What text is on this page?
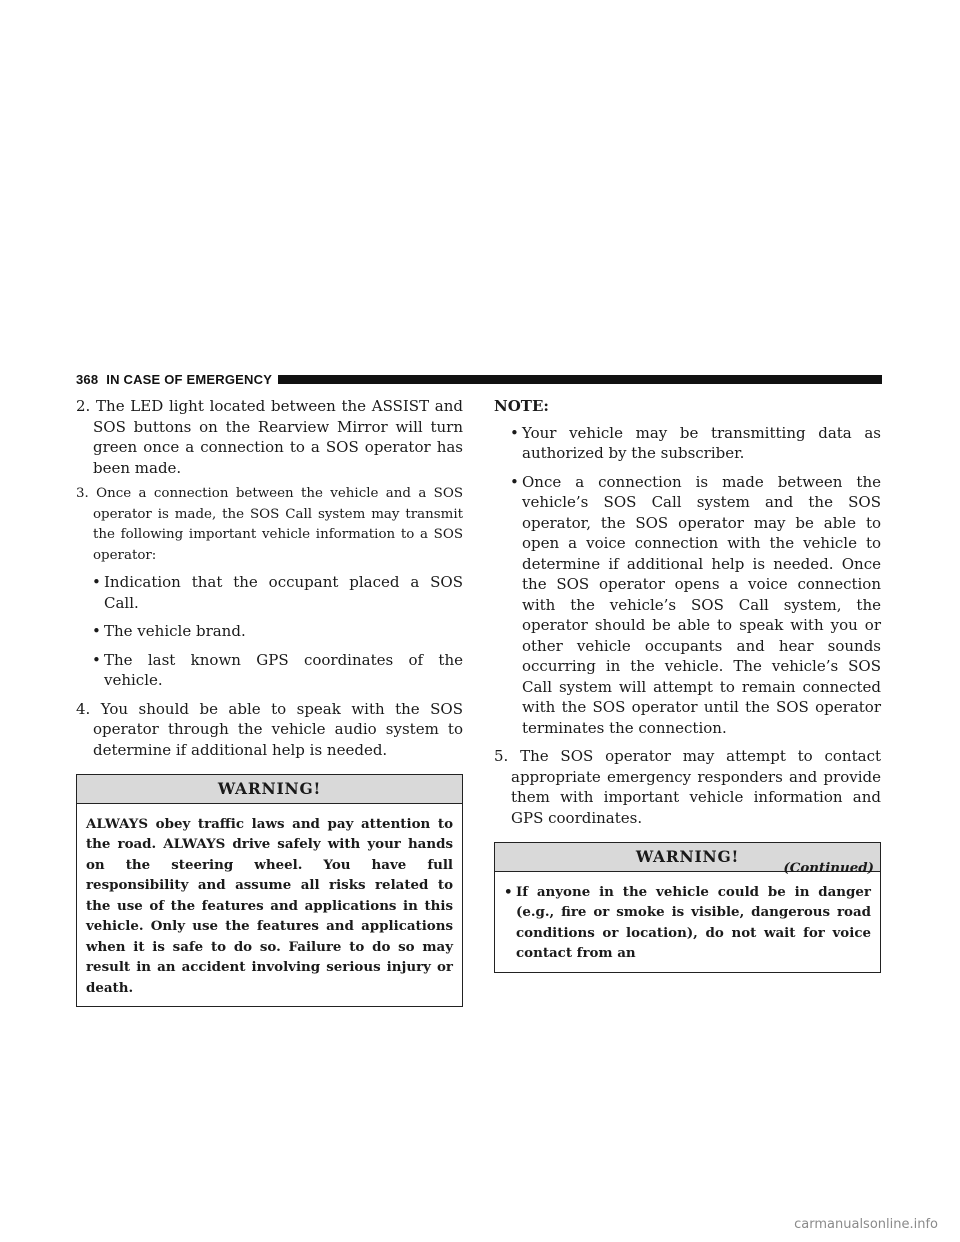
368 IN CASE OF EMERGENCY

2. The LED light located between the ASSIST and SOS buttons on the Rearview Mirror will turn green once a connection to a SOS operator has been made.

3. Once a connection between the vehicle and a SOS operator is made, the SOS Call system may transmit the following important vehicle information to a SOS operator:

• Indication that the occupant placed a SOS Call.
• The vehicle brand.
• The last known GPS coordinates of the vehicle.

4. You should be able to speak with the SOS operator through the vehicle audio system to determine if additional help is needed.

WARNING!
ALWAYS obey traffic laws and pay attention to the road. ALWAYS drive safely with your hands on the steering wheel. You have full responsibility and assume all risks related to the use of the features and applications in this vehicle. Only use the features and applications when it is safe to do so. Failure to do so may result in an accident involving serious injury or death.

NOTE:

• Your vehicle may be transmitting data as authorized by the subscriber.
• Once a connection is made between the vehicle’s SOS Call system and the SOS operator, the SOS operator may be able to open a voice connection with the vehicle to determine if additional help is needed. Once the SOS operator opens a voice connection with the vehicle’s SOS Call system, the operator should be able to speak with you or other vehicle occupants and hear sounds occurring in the vehicle. The vehicle’s SOS Call system will attempt to remain connected with the SOS operator until the SOS operator terminates the connection.

5. The SOS operator may attempt to contact appropriate emergency responders and provide them with important vehicle information and GPS coordinates.

WARNING!
• If anyone in the vehicle could be in danger (e.g., fire or smoke is visible, dangerous road conditions or location), do not wait for voice contact from an
(Continued)
carmanualsonline.info
